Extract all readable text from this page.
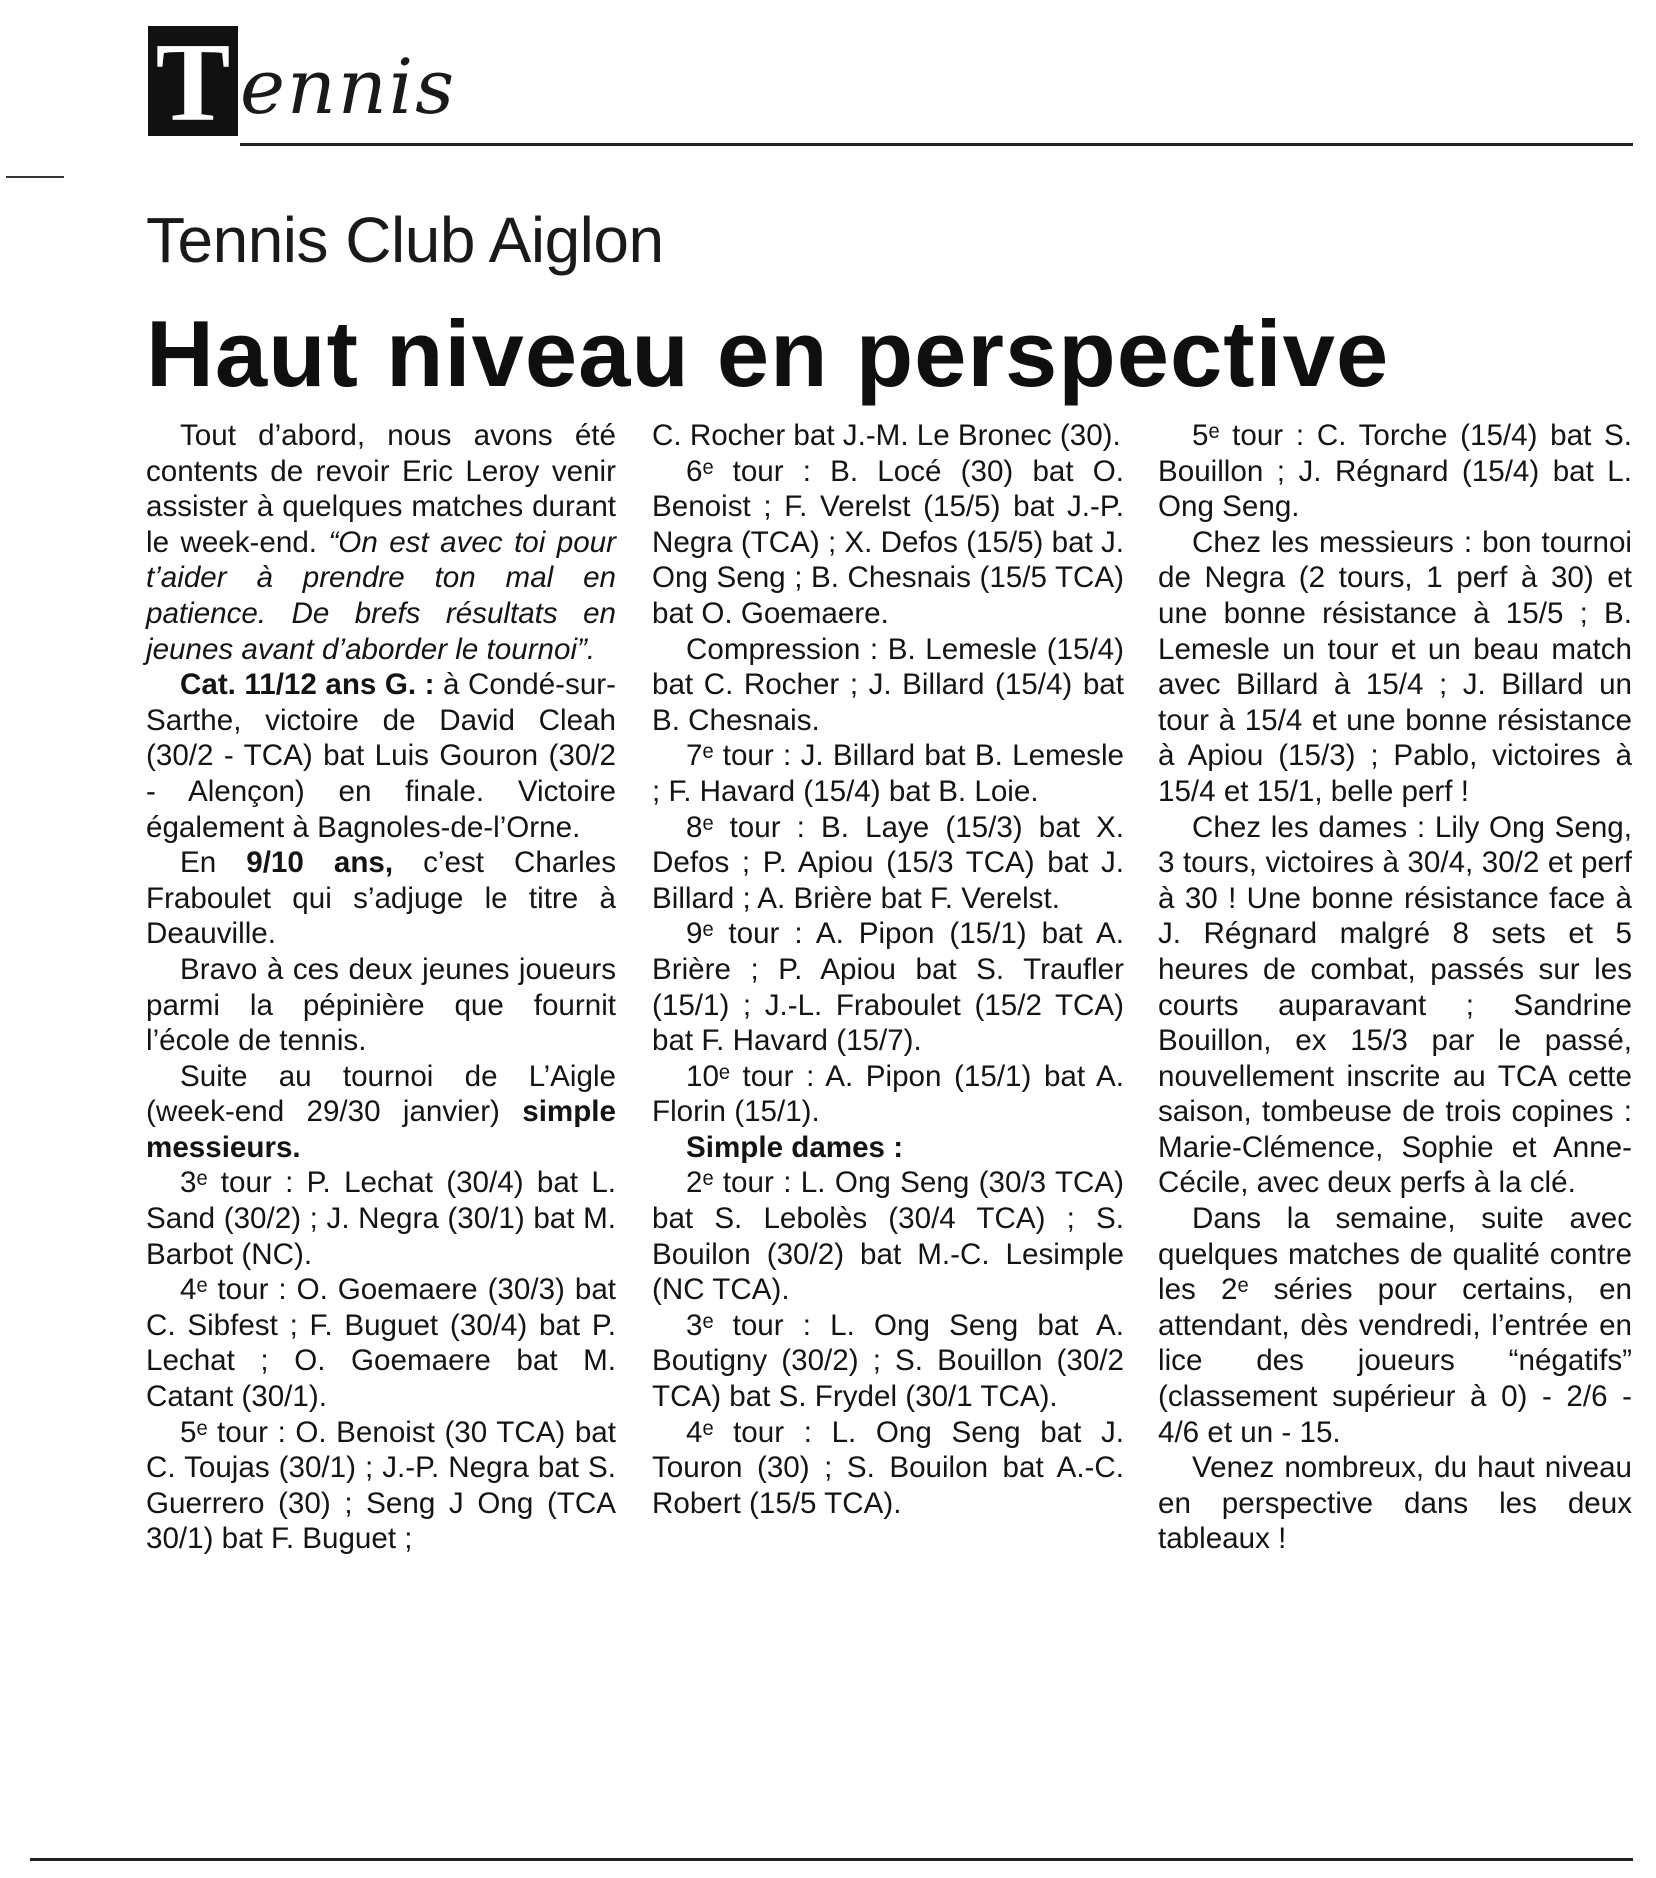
T ennis
Tennis Club Aiglon
Haut niveau en perspective

Tout d’abord, nous avons été contents de revoir Eric Leroy venir assister à quelques matches durant le week-end. “On est avec toi pour t’aider à prendre ton mal en patience. De brefs résultats en jeunes avant d’aborder le tournoi”.

Cat. 11/12 ans G. : à Condé-sur-Sarthe, victoire de David Cleah (30/2 - TCA) bat Luis Gouron (30/2 - Alençon) en finale. Victoire également à Bagnoles-de-l’Orne.

En 9/10 ans, c’est Charles Fraboulet qui s’adjuge le titre à Deauville.

Bravo à ces deux jeunes joueurs parmi la pépinière que fournit l’école de tennis.

Suite au tournoi de L’Aigle (week-end 29/30 janvier) simple messieurs.

3ᵉ tour : P. Lechat (30/4) bat L. Sand (30/2) ; J. Negra (30/1) bat M. Barbot (NC).

4ᵉ tour : O. Goemaere (30/3) bat C. Sibfest ; F. Buguet (30/4) bat P. Lechat ; O. Goemaere bat M. Catant (30/1).

5ᵉ tour : O. Benoist (30 TCA) bat C. Toujas (30/1) ; J.-P. Negra bat S. Guerrero (30) ; Seng J Ong (TCA 30/1) bat F. Buguet ;

C. Rocher bat J.-M. Le Bronec (30).

6ᵉ tour : B. Locé (30) bat O. Benoist ; F. Verelst (15/5) bat J.-P. Negra (TCA) ; X. Defos (15/5) bat J. Ong Seng ; B. Chesnais (15/5 TCA) bat O. Goemaere.

Compression : B. Lemesle (15/4) bat C. Rocher ; J. Billard (15/4) bat B. Chesnais.

7ᵉ tour : J. Billard bat B. Lemesle ; F. Havard (15/4) bat B. Loie.

8ᵉ tour : B. Laye (15/3) bat X. Defos ; P. Apiou (15/3 TCA) bat J. Billard ; A. Brière bat F. Verelst.

9ᵉ tour : A. Pipon (15/1) bat A. Brière ; P. Apiou bat S. Traufler (15/1) ; J.-L. Fraboulet (15/2 TCA) bat F. Havard (15/7).

10ᵉ tour : A. Pipon (15/1) bat A. Florin (15/1).

Simple dames :

2ᵉ tour : L. Ong Seng (30/3 TCA) bat S. Lebolès (30/4 TCA) ; S. Bouilon (30/2) bat M.-C. Lesimple (NC TCA).

3ᵉ tour : L. Ong Seng bat A. Boutigny (30/2) ; S. Bouillon (30/2 TCA) bat S. Frydel (30/1 TCA).

4ᵉ tour : L. Ong Seng bat J. Touron (30) ; S. Bouilon bat A.-C. Robert (15/5 TCA).

5ᵉ tour : C. Torche (15/4) bat S. Bouillon ; J. Régnard (15/4) bat L. Ong Seng.

Chez les messieurs : bon tournoi de Negra (2 tours, 1 perf à 30) et une bonne résistance à 15/5 ; B. Lemesle un tour et un beau match avec Billard à 15/4 ; J. Billard un tour à 15/4 et une bonne résistance à Apiou (15/3) ; Pablo, victoires à 15/4 et 15/1, belle perf !

Chez les dames : Lily Ong Seng, 3 tours, victoires à 30/4, 30/2 et perf à 30 ! Une bonne résistance face à J. Régnard malgré 8 sets et 5 heures de combat, passés sur les courts auparavant ; Sandrine Bouillon, ex 15/3 par le passé, nouvellement inscrite au TCA cette saison, tombeuse de trois copines : Marie-Clémence, Sophie et Anne-Cécile, avec deux perfs à la clé.

Dans la semaine, suite avec quelques matches de qualité contre les 2ᵉ séries pour certains, en attendant, dès vendredi, l’entrée en lice des joueurs “négatifs” (classement supérieur à 0) - 2/6 - 4/6 et un - 15.

Venez nombreux, du haut niveau en perspective dans les deux tableaux !
